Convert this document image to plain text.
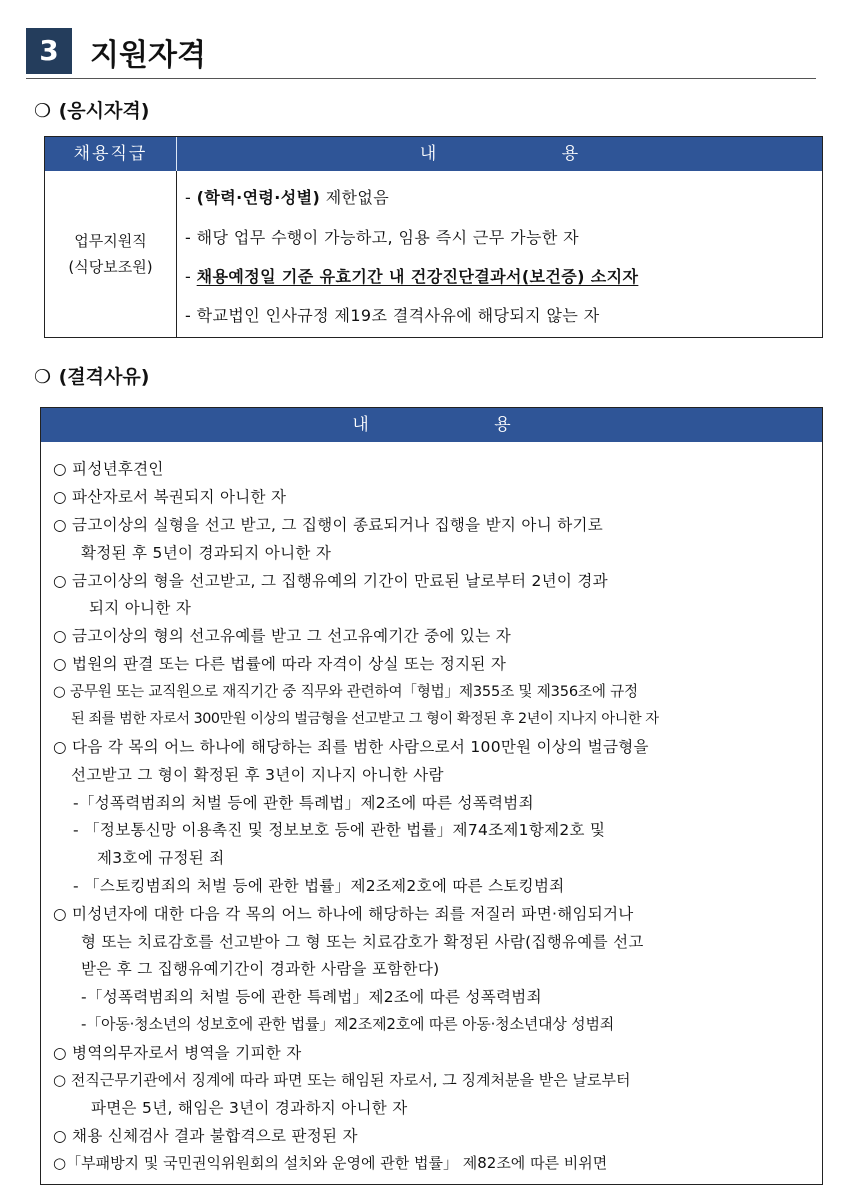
3	지원자격
❍ (응시자격)
채용직급	내 용
업무지원직
(식당보조원)
- (학력·연령·성별) 제한없음
- 해당 업무 수행이 가능하고, 임용 즉시 근무 가능한 자
- 채용예정일 기준 유효기간 내 건강진단결과서(보건증) 소지자
- 학교법인 인사규정 제19조 결격사유에 해당되지 않는 자
❍ (결격사유)
내 용
○ 피성년후견인
○ 파산자로서 복권되지 아니한 자
○ 금고이상의 실형을 선고 받고, 그 집행이 종료되거나 집행을 받지 아니 하기로
확정된 후 5년이 경과되지 아니한 자
○ 금고이상의 형을 선고받고, 그 집행유예의 기간이 만료된 날로부터 2년이 경과
되지 아니한 자
○ 금고이상의 형의 선고유예를 받고 그 선고유예기간 중에 있는 자
○ 법원의 판결 또는 다른 법률에 따라 자격이 상실 또는 정지된 자
○ 공무원 또는 교직원으로 재직기간 중 직무와 관련하여「형법」제355조 및 제356조에 규정
된 죄를 범한 자로서 300만원 이상의 벌금형을 선고받고 그 형이 확정된 후 2년이 지나지 아니한 자
○ 다음 각 목의 어느 하나에 해당하는 죄를 범한 사람으로서 100만원 이상의 벌금형을
선고받고 그 형이 확정된 후 3년이 지나지 아니한 사람
-「성폭력범죄의 처벌 등에 관한 특례법」제2조에 따른 성폭력범죄
- 「정보통신망 이용촉진 및 정보보호 등에 관한 법률」제74조제1항제2호 및
제3호에 규정된 죄
- 「스토킹범죄의 처벌 등에 관한 법률」제2조제2호에 따른 스토킹범죄
○ 미성년자에 대한 다음 각 목의 어느 하나에 해당하는 죄를 저질러 파면·해임되거나
형 또는 치료감호를 선고받아 그 형 또는 치료감호가 확정된 사람(집행유예를 선고
받은 후 그 집행유예기간이 경과한 사람을 포함한다)
-「성폭력범죄의 처벌 등에 관한 특례법」제2조에 따른 성폭력범죄
-「아동·청소년의 성보호에 관한 법률」제2조제2호에 따른 아동·청소년대상 성범죄
○ 병역의무자로서 병역을 기피한 자
○ 전직근무기관에서 징계에 따라 파면 또는 해임된 자로서, 그 징계처분을 받은 날로부터
파면은 5년, 해임은 3년이 경과하지 아니한 자
○ 채용 신체검사 결과 불합격으로 판정된 자
○「부패방지 및 국민권익위원회의 설치와 운영에 관한 법률」 제82조에 따른 비위면
